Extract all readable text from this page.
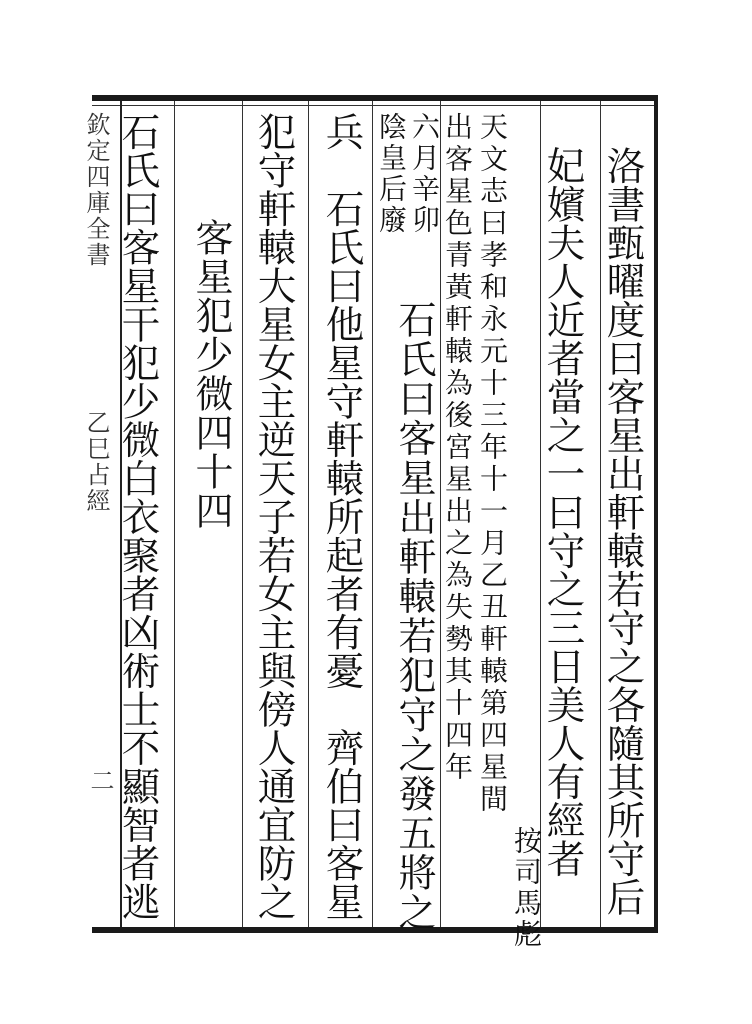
欽定四庫全書
乙巳占經
二	洛書甄曜度曰客星出軒轅若守之各隨其所守后
妃嬪夫人近者當之一曰守之三日美人有經者
按司馬彪
天文志曰孝和永元十三年十一月乙丑軒轅第四星間
出客星色青黃軒轅為後宮星出之為失勢其十四年
六月辛卯
陰皇后廢
石氏曰客星出軒轅若犯守之發五將之
兵　石氏曰他星守軒轅所起者有憂　齊伯曰客星
犯守軒轅大星女主逆天子若女主與傍人通宜防之
客星犯少微四十四
石氏曰客星干犯少微白衣聚者凶術士不顯智者逃
